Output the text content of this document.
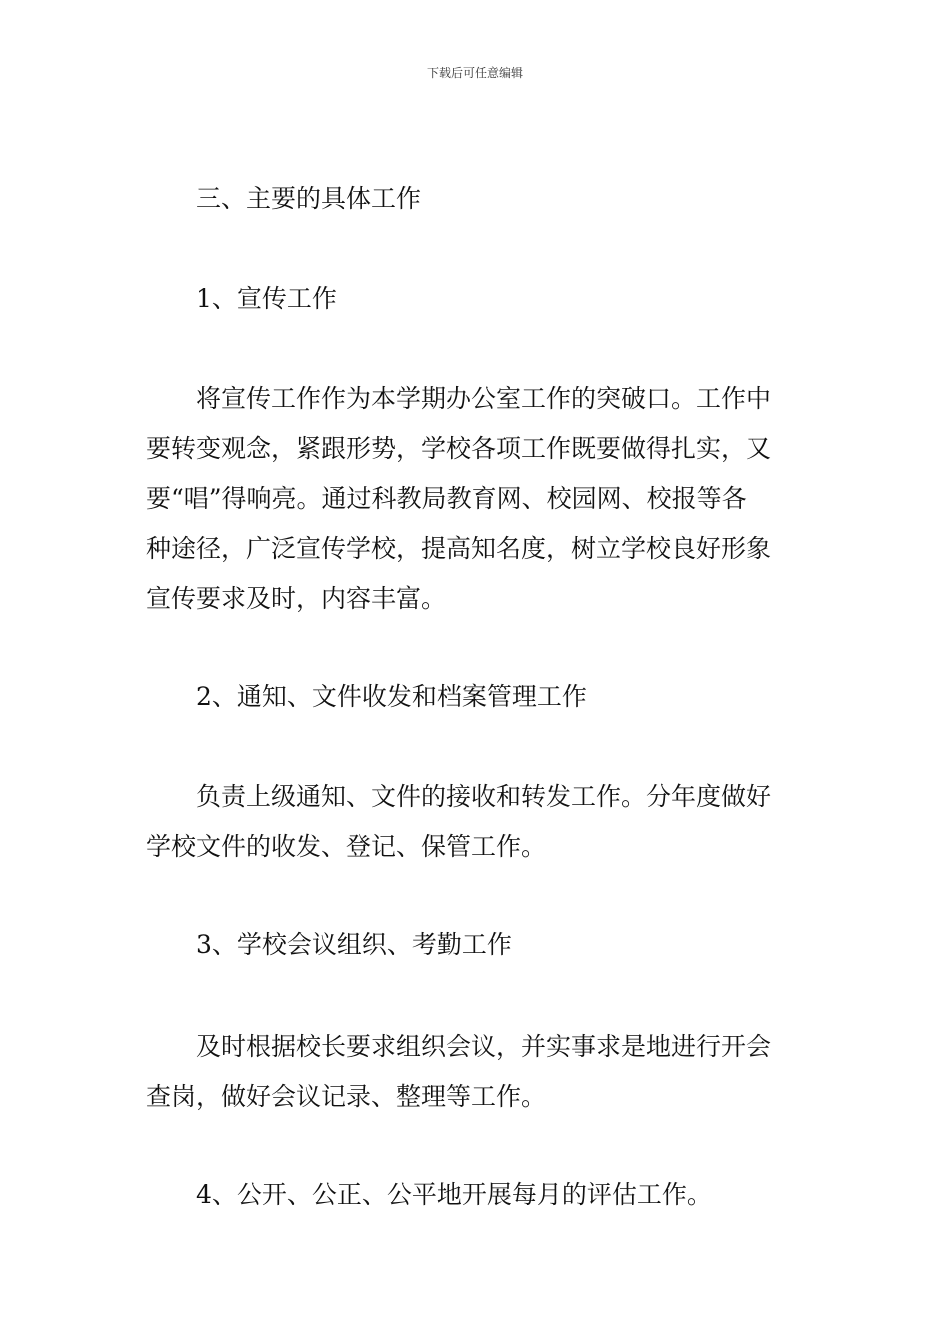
下载后可任意编辑
三、主要的具体工作
1、宣传工作
将宣传工作作为本学期办公室工作的突破口。工作中
要转变观念，紧跟形势，学校各项工作既要做得扎实，又
要“唱”得响亮。通过科教局教育网、校园网、校报等各
种途径，广泛宣传学校，提高知名度，树立学校良好形象
宣传要求及时，内容丰富。
2、通知、文件收发和档案管理工作
负责上级通知、文件的接收和转发工作。分年度做好
学校文件的收发、登记、保管工作。
3、学校会议组织、考勤工作
及时根据校长要求组织会议，并实事求是地进行开会
查岗，做好会议记录、整理等工作。
4、公开、公正、公平地开展每月的评估工作。
